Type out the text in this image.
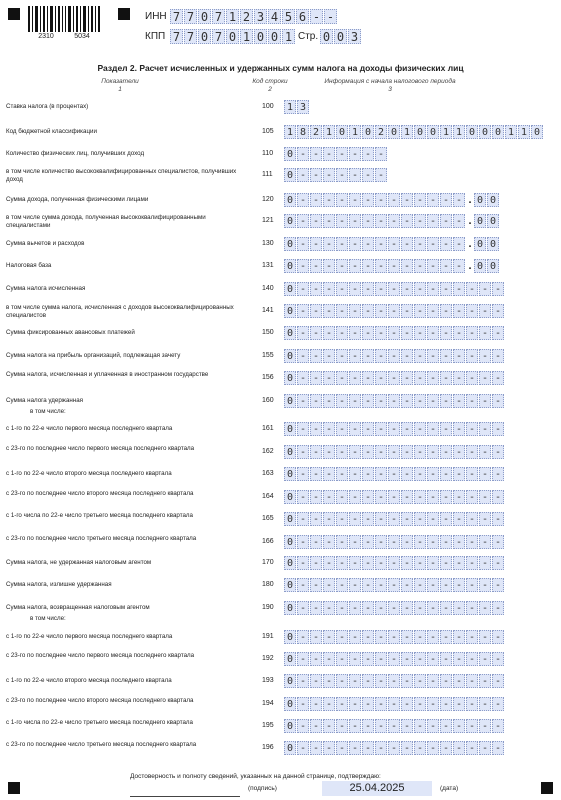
2310	5034
ИНН 7 7 0 7 1 2 3 4 5 6 - -
КПП 7 7 0 7 0 1 0 0 1 Стр. 0 0 3
Раздел 2. Расчет исчисленных и удержанных сумм налога на доходы физических лиц
Показатели
1
Код строки
2
Информация с начала налогового периода
3
Ставка налога (в процентах)	100	1 3
Код бюджетной классификации	105	1 8 2 1 0 1 0 2 0 1 0 0 1 1 0 0 0 1 1 0
Количество физических лиц, получивших доход	110	0 - - - - - - -
в том числе количество высококвалифицированных специалистов, получивших доход
111	0 - - - - - - -
Сумма дохода, полученная физическими лицами	120	0 - - - - - - - - - - - - - . 0 0
в том числе сумма дохода, полученная высококвалифицированными специалистами
121	0 - - - - - - - - - - - - - . 0 0
Сумма вычетов и расходов	130	0 - - - - - - - - - - - - - . 0 0
Налоговая база	131	0 - - - - - - - - - - - - - . 0 0
Сумма налога исчисленная	140	0 - - - - - - - - - - - - - - - -
в том числе сумма налога, исчисленная с доходов высококвалифицированных специалистов
141	0 - - - - - - - - - - - - - - - -
Сумма фиксированных авансовых платежей	150	0 - - - - - - - - - - - - - - - -
Сумма налога на прибыль организаций, подлежащая зачету	155	0 - - - - - - - - - - - - - - - -
Сумма налога, исчисленная и уплаченная в иностранном государстве	156	0 - - - - - - - - - - - - - - - -
Сумма налога удержанная
в том числе:
160	0 - - - - - - - - - - - - - - - -
с 1-го по 22-е число первого месяца последнего квартала	161	0 - - - - - - - - - - - - - - - -
с 23-го по последнее число первого месяца последнего квартала	162	0 - - - - - - - - - - - - - - - -
с 1-го по 22-е число второго месяца последнего квартала	163	0 - - - - - - - - - - - - - - - -
с 23-го по последнее число второго месяца последнего квартала	164	0 - - - - - - - - - - - - - - - -
с 1-го числа по 22-е число третьего месяца последнего квартала	165	0 - - - - - - - - - - - - - - - -
с 23-го по последнее число третьего месяца последнего квартала	166	0 - - - - - - - - - - - - - - - -
Сумма налога, не удержанная налоговым агентом	170	0 - - - - - - - - - - - - - - - -
Сумма налога, излишне удержанная	180	0 - - - - - - - - - - - - - - - -
Сумма налога, возвращенная налоговым агентом
в том числе:
190	0 - - - - - - - - - - - - - - - -
с 1-го по 22-е число первого месяца последнего квартала	191	0 - - - - - - - - - - - - - - - -
с 23-го по последнее число первого месяца последнего квартала	192	0 - - - - - - - - - - - - - - - -
с 1-го по 22-е число второго месяца последнего квартала	193	0 - - - - - - - - - - - - - - - -
с 23-го по последнее число второго месяца последнего квартала	194	0 - - - - - - - - - - - - - - - -
с 1-го числа по 22-е число третьего месяца последнего квартала	195	0 - - - - - - - - - - - - - - - -
с 23-го по последнее число третьего месяца последнего квартала	196	0 - - - - - - - - - - - - - - - -
Достоверность и полноту сведений, указанных на данной странице, подтверждаю:
(подпись)	25.04.2025	(дата)
